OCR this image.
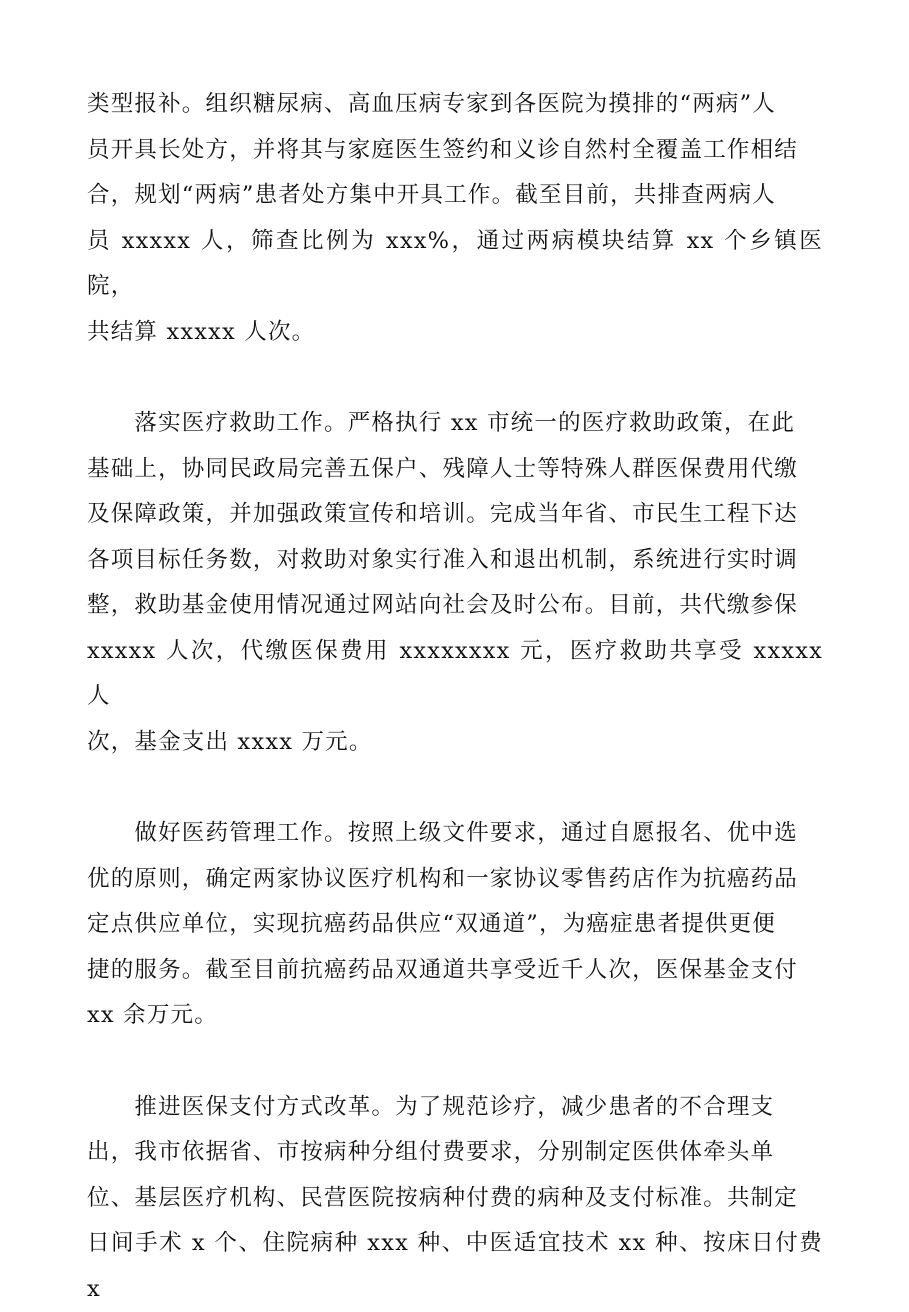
类型报补。组织糖尿病、高血压病专家到各医院为摸排的“两病”人
员开具长处方，并将其与家庭医生签约和义诊自然村全覆盖工作相结
合，规划“两病”患者处方集中开具工作。截至目前，共排查两病人
员 xxxxx 人，筛查比例为 xxx%，通过两病模块结算 xx 个乡镇医院，
共结算 xxxxx 人次。
　　落实医疗救助工作。严格执行 xx 市统一的医疗救助政策，在此
基础上，协同民政局完善五保户、残障人士等特殊人群医保费用代缴
及保障政策，并加强政策宣传和培训。完成当年省、市民生工程下达
各项目标任务数，对救助对象实行准入和退出机制，系统进行实时调
整，救助基金使用情况通过网站向社会及时公布。目前，共代缴参保
xxxxx 人次，代缴医保费用 xxxxxxxx 元，医疗救助共享受 xxxxx 人
次，基金支出 xxxx 万元。
　　做好医药管理工作。按照上级文件要求，通过自愿报名、优中选
优的原则，确定两家协议医疗机构和一家协议零售药店作为抗癌药品
定点供应单位，实现抗癌药品供应“双通道”，为癌症患者提供更便
捷的服务。截至目前抗癌药品双通道共享受近千人次，医保基金支付
xx 余万元。
　　推进医保支付方式改革。为了规范诊疗，减少患者的不合理支
出，我市依据省、市按病种分组付费要求，分别制定医供体牵头单
位、基层医疗机构、民营医院按病种付费的病种及支付标准。共制定
日间手术 x 个、住院病种 xxx 种、中医适宜技术 xx 种、按床日付费 x
